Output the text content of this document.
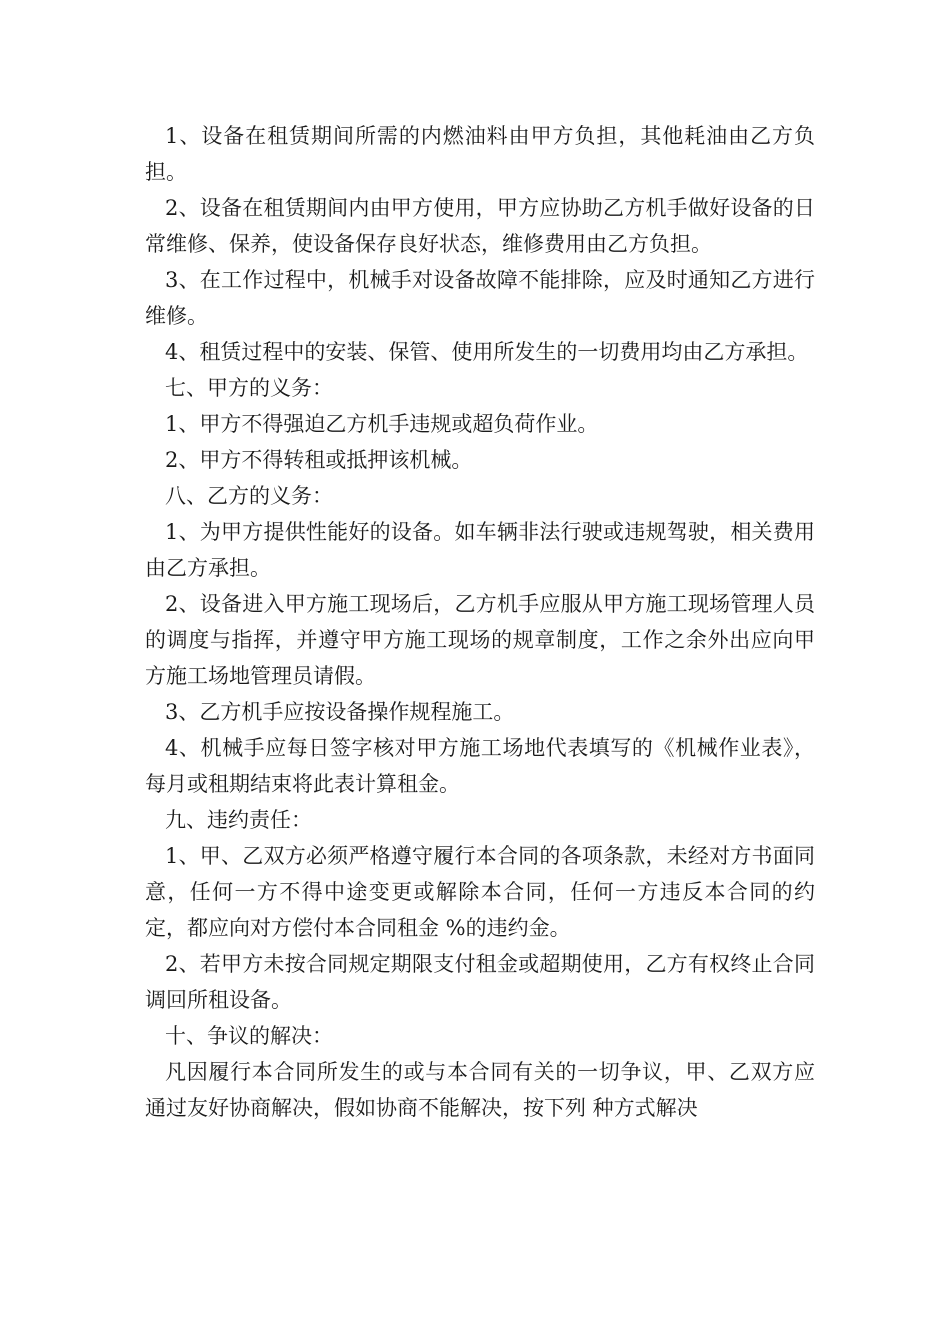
1、设备在租赁期间所需的内燃油料由甲方负担，其他耗油由乙方负担。

2、设备在租赁期间内由甲方使用，甲方应协助乙方机手做好设备的日常维修、保养，使设备保存良好状态，维修费用由乙方负担。

3、在工作过程中，机械手对设备故障不能排除，应及时通知乙方进行维修。

4、租赁过程中的安装、保管、使用所发生的一切费用均由乙方承担。

七、甲方的义务：

1、甲方不得强迫乙方机手违规或超负荷作业。

2、甲方不得转租或抵押该机械。

八、乙方的义务：

1、为甲方提供性能好的设备。如车辆非法行驶或违规驾驶，相关费用由乙方承担。

2、设备进入甲方施工现场后，乙方机手应服从甲方施工现场管理人员的调度与指挥，并遵守甲方施工现场的规章制度，工作之余外出应向甲方施工场地管理员请假。

3、乙方机手应按设备操作规程施工。

4、机械手应每日签字核对甲方施工场地代表填写的《机械作业表》，每月或租期结束将此表计算租金。

九、违约责任：

1、甲、乙双方必须严格遵守履行本合同的各项条款，未经对方书面同意，任何一方不得中途变更或解除本合同，任何一方违反本合同的约定，都应向对方偿付本合同租金 %的违约金。

2、若甲方未按合同规定期限支付租金或超期使用，乙方有权终止合同调回所租设备。

十、争议的解决：

凡因履行本合同所发生的或与本合同有关的一切争议，甲、乙双方应通过友好协商解决，假如协商不能解决，按下列 种方式解决
